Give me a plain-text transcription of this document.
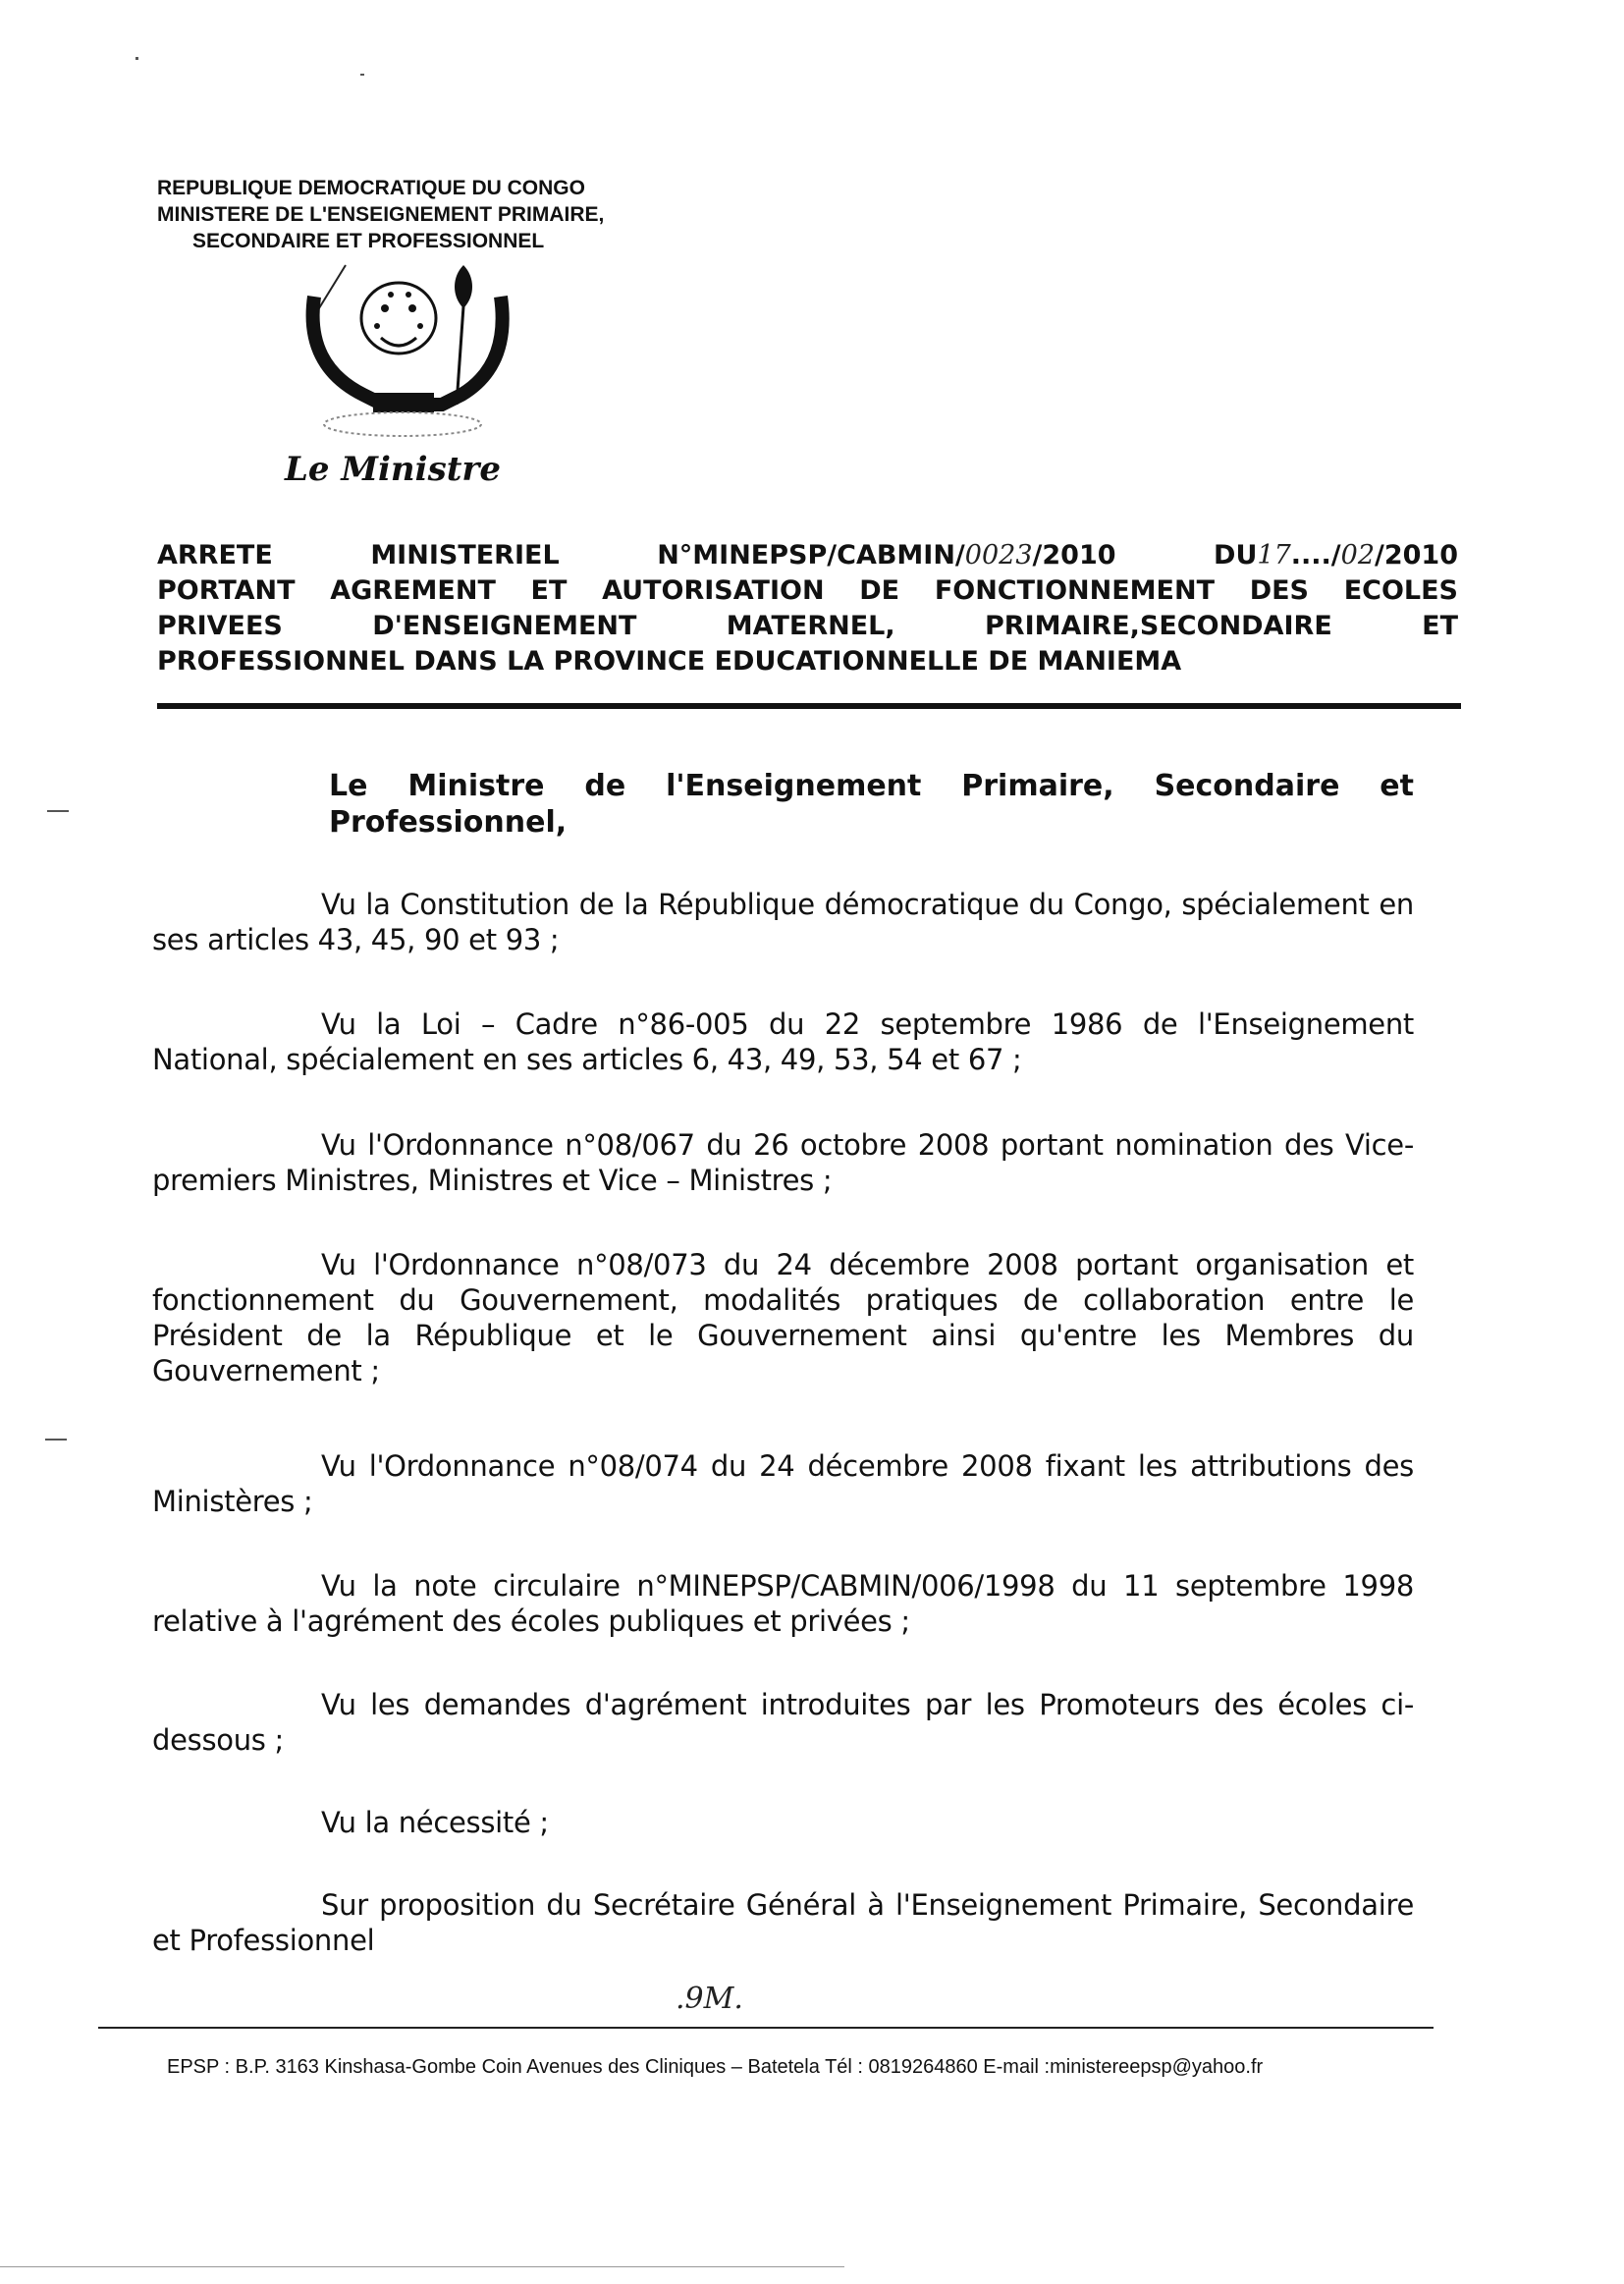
REPUBLIQUE DEMOCRATIQUE DU CONGO
MINISTERE DE L'ENSEIGNEMENT PRIMAIRE,
SECONDAIRE ET PROFESSIONNEL
Le Ministre
ARRETE	MINISTERIEL	N°MINEPSP/CABMIN/0023/2010	DU17..../02/2010
PORTANT AGREMENT ET AUTORISATION DE FONCTIONNEMENT DES ECOLES
PRIVEES D'ENSEIGNEMENT MATERNEL, PRIMAIRE,SECONDAIRE ET
PROFESSIONNEL DANS LA PROVINCE EDUCATIONNELLE DE MANIEMA
Le Ministre de l'Enseignement Primaire, Secondaire et Professionnel,
Vu la Constitution de la République démocratique du Congo, spécialement en ses articles 43, 45, 90 et 93 ;
Vu la Loi – Cadre n°86-005 du 22 septembre 1986 de l'Enseignement National, spécialement en ses articles 6, 43, 49, 53, 54 et 67 ;
Vu l'Ordonnance n°08/067 du 26 octobre 2008 portant nomination des Vice-premiers Ministres, Ministres et Vice – Ministres ;
Vu l'Ordonnance n°08/073 du 24 décembre 2008 portant organisation et fonctionnement du Gouvernement, modalités pratiques de collaboration entre le Président de la République et le Gouvernement ainsi qu'entre les Membres du Gouvernement ;
Vu l'Ordonnance n°08/074 du 24 décembre 2008 fixant les attributions des Ministères ;
Vu la note circulaire n°MINEPSP/CABMIN/006/1998 du 11 septembre 1998 relative à l'agrément des écoles publiques et privées ;
Vu les demandes d'agrément introduites par les Promoteurs des écoles ci-dessous ;
Vu la nécessité ;
Sur proposition du Secrétaire Général à l'Enseignement Primaire, Secondaire et Professionnel
.9M.
EPSP : B.P. 3163 Kinshasa-Gombe Coin Avenues des Cliniques – Batetela Tél : 0819264860 E-mail :ministereepsp@yahoo.fr
